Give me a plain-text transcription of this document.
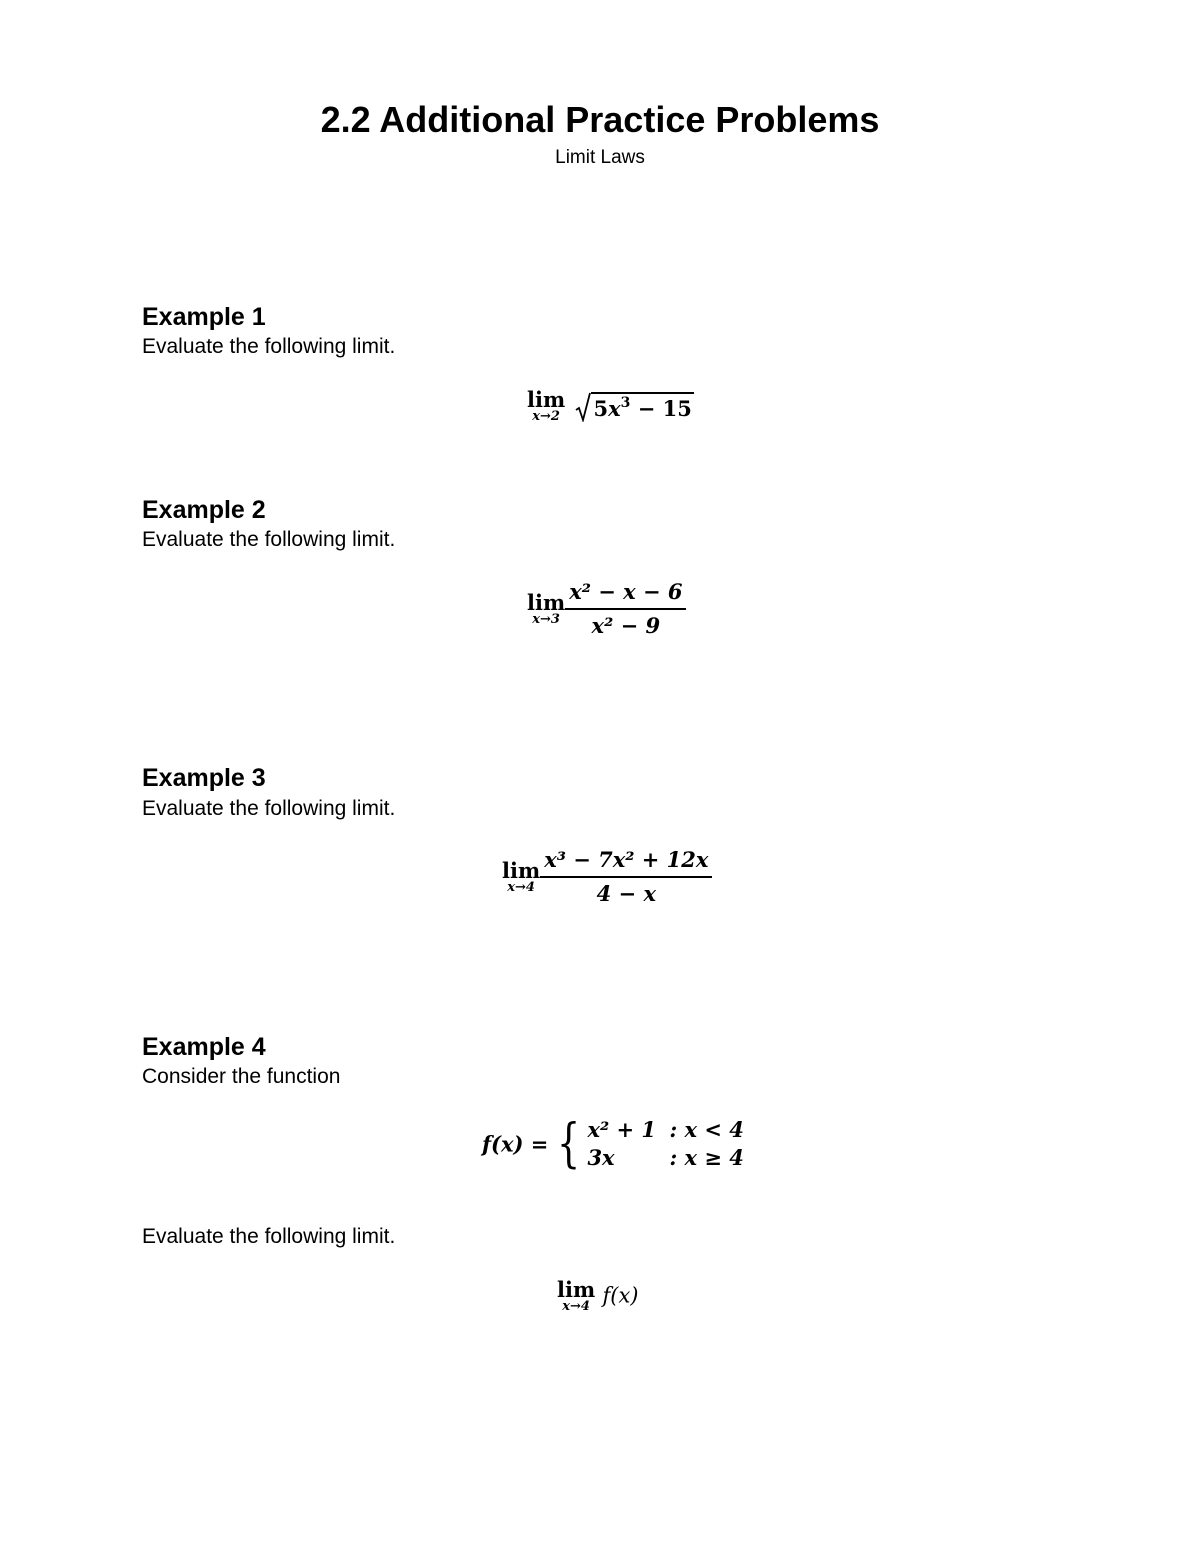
2.2 Additional Practice Problems
Limit Laws
Example 1
Evaluate the following limit.
lim
x→2
$5x^3 - 15$
Example 2
Evaluate the following limit.
lim
$x\to 3 \frac{\text{x² − x − 6}}{\text{x² − 9}}$
Example 3
Evaluate the following limit.
lim
$x\to 4 \frac{\text{x³ − 7x² + 12x}}{4 - x}$
Example 4
Consider the function
f(x) = { x² + 1	: x < 4
3x	: x ≥ 4
Evaluate the following limit.
lim
x→4 f(x)
